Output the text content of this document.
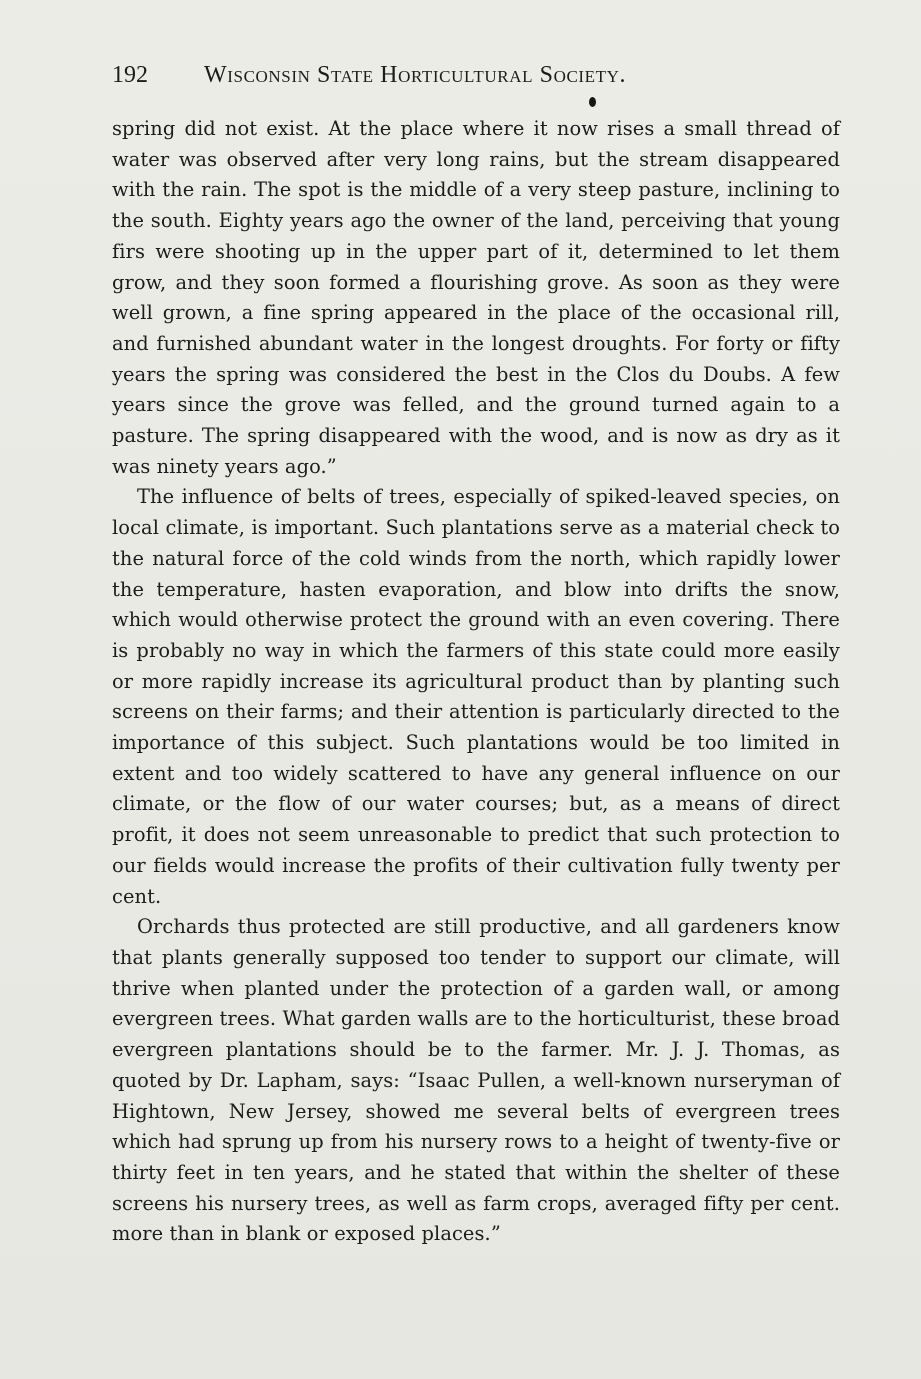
192 Wisconsin State Horticultural Society.

spring did not exist. At the place where it now rises a small thread of water was observed after very long rains, but the stream disappeared with the rain. The spot is the middle of a very steep pasture, inclining to the south. Eighty years ago the owner of the land, perceiving that young firs were shooting up in the upper part of it, determined to let them grow, and they soon formed a flourishing grove. As soon as they were well grown, a fine spring appeared in the place of the occasional rill, and furnished abundant water in the longest droughts. For forty or fifty years the spring was considered the best in the Clos du Doubs. A few years since the grove was felled, and the ground turned again to a pasture. The spring disappeared with the wood, and is now as dry as it was ninety years ago.”

The influence of belts of trees, especially of spiked-leaved species, on local climate, is important. Such plantations serve as a material check to the natural force of the cold winds from the north, which rapidly lower the temperature, hasten evaporation, and blow into drifts the snow, which would otherwise protect the ground with an even covering. There is probably no way in which the farmers of this state could more easily or more rapidly increase its agricultural product than by planting such screens on their farms; and their attention is particularly directed to the importance of this subject. Such plantations would be too limited in extent and too widely scattered to have any general influence on our climate, or the flow of our water courses; but, as a means of direct profit, it does not seem unreasonable to predict that such protection to our fields would increase the profits of their cultivation fully twenty per cent.

Orchards thus protected are still productive, and all gardeners know that plants generally supposed too tender to support our climate, will thrive when planted under the protection of a garden wall, or among evergreen trees. What garden walls are to the horticulturist, these broad evergreen plantations should be to the farmer. Mr. J. J. Thomas, as quoted by Dr. Lapham, says: “Isaac Pullen, a well-known nurseryman of Hightown, New Jersey, showed me several belts of evergreen trees which had sprung up from his nursery rows to a height of twenty-five or thirty feet in ten years, and he stated that within the shelter of these screens his nursery trees, as well as farm crops, averaged fifty per cent. more than in blank or exposed places.”
